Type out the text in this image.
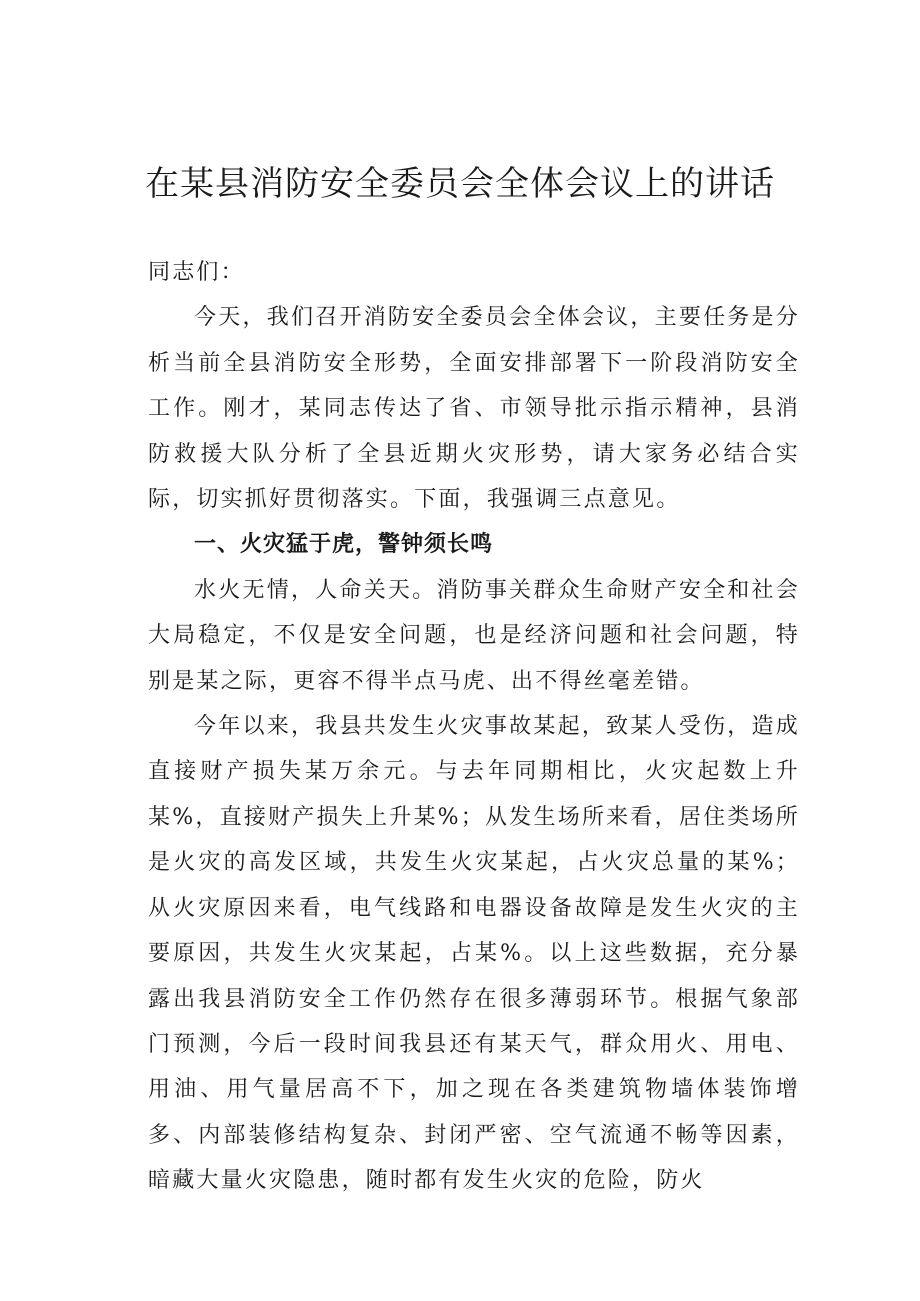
在某县消防安全委员会全体会议上的讲话

同志们：

今天，我们召开消防安全委员会全体会议，主要任务是分析当前全县消防安全形势，全面安排部署下一阶段消防安全工作。刚才，某同志传达了省、市领导批示指示精神，县消防救援大队分析了全县近期火灾形势，请大家务必结合实际，切实抓好贯彻落实。下面，我强调三点意见。

一、火灾猛于虎，警钟须长鸣

水火无情，人命关天。消防事关群众生命财产安全和社会大局稳定，不仅是安全问题，也是经济问题和社会问题，特别是某之际，更容不得半点马虎、出不得丝毫差错。

今年以来，我县共发生火灾事故某起，致某人受伤，造成直接财产损失某万余元。与去年同期相比，火灾起数上升某%，直接财产损失上升某%；从发生场所来看，居住类场所是火灾的高发区域，共发生火灾某起，占火灾总量的某%；从火灾原因来看，电气线路和电器设备故障是发生火灾的主要原因，共发生火灾某起，占某%。以上这些数据，充分暴露出我县消防安全工作仍然存在很多薄弱环节。根据气象部门预测，今后一段时间我县还有某天气，群众用火、用电、用油、用气量居高不下，加之现在各类建筑物墙体装饰增多、内部装修结构复杂、封闭严密、空气流通不畅等因素，暗藏大量火灾隐患，随时都有发生火灾的危险，防火
